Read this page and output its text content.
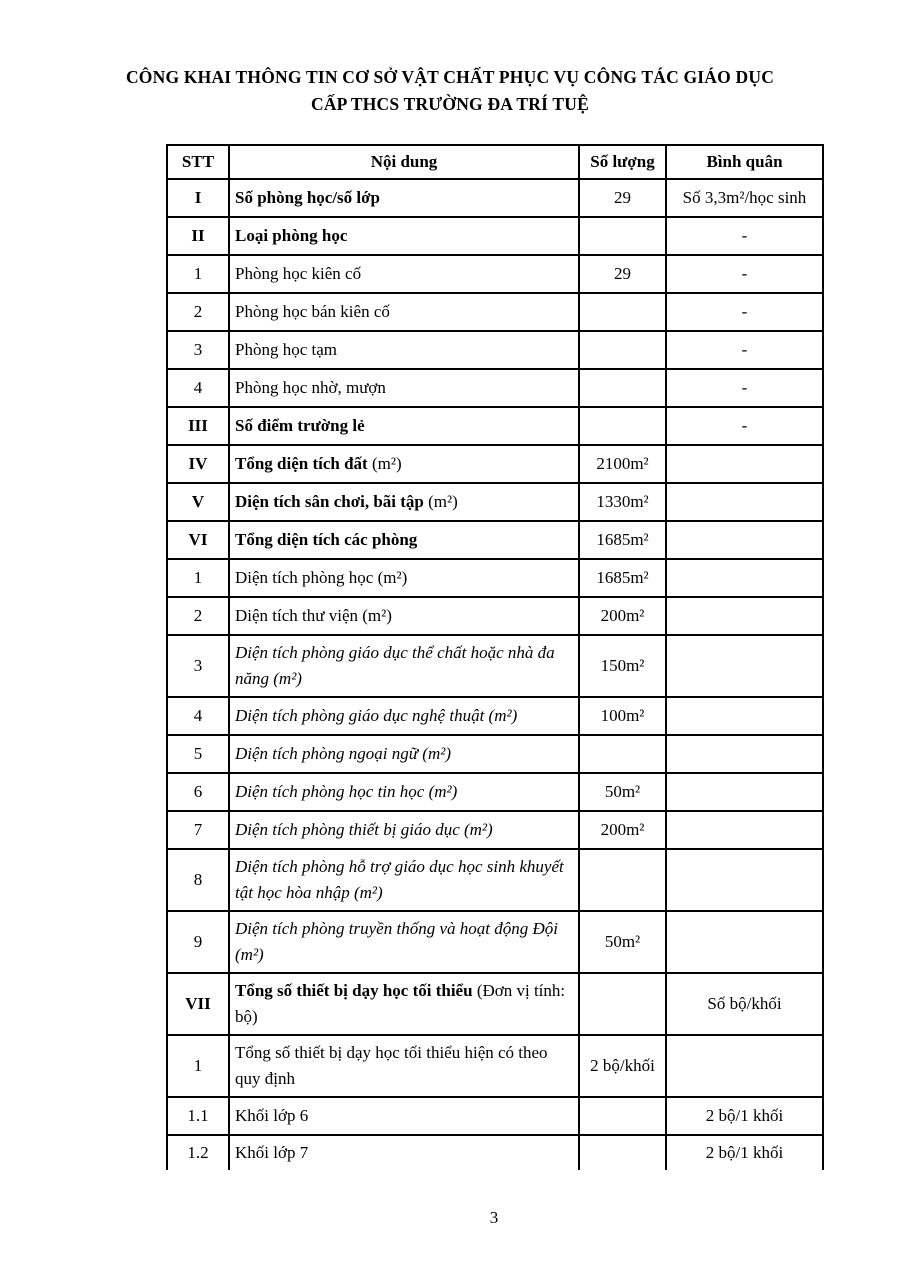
CÔNG KHAI THÔNG TIN CƠ SỞ VẬT CHẤT PHỤC VỤ CÔNG TÁC GIÁO DỤC
CẤP THCS TRƯỜNG ĐA TRÍ TUỆ
STT	Nội dung	Số lượng	Bình quân
I	Số phòng học/số lớp	29	Số 3,3m²/học sinh
II	Loại phòng học		-
1	Phòng học kiên cố	29	-
2	Phòng học bán kiên cố		-
3	Phòng học tạm		-
4	Phòng học nhờ, mượn		-
III	Số điểm trường lẻ		-
IV	Tổng diện tích đất (m²)	2100m²	
V	Diện tích sân chơi, bãi tập (m²)	1330m²	
VI	Tổng diện tích các phòng	1685m²	
1	Diện tích phòng học (m²)	1685m²	
2	Diện tích thư viện (m²)	200m²	
3	Diện tích phòng giáo dục thể chất hoặc nhà đa năng (m²)	150m²	
4	Diện tích phòng giáo dục nghệ thuật (m²)	100m²	
5	Diện tích phòng ngoại ngữ (m²)		
6	Diện tích phòng học tin học (m²)	50m²	
7	Diện tích phòng thiết bị giáo dục (m²)	200m²	
8	Diện tích phòng hỗ trợ giáo dục học sinh khuyết tật học hòa nhập (m²)		
9	Diện tích phòng truyền thống và hoạt động Đội (m²)	50m²	
VII	Tổng số thiết bị dạy học tối thiểu (Đơn vị tính: bộ)		Số bộ/khối
1	Tổng số thiết bị dạy học tối thiểu hiện có theo quy định	2 bộ/khối	
1.1	Khối lớp 6		2 bộ/1 khối
1.2	Khối lớp 7		2 bộ/1 khối
3
